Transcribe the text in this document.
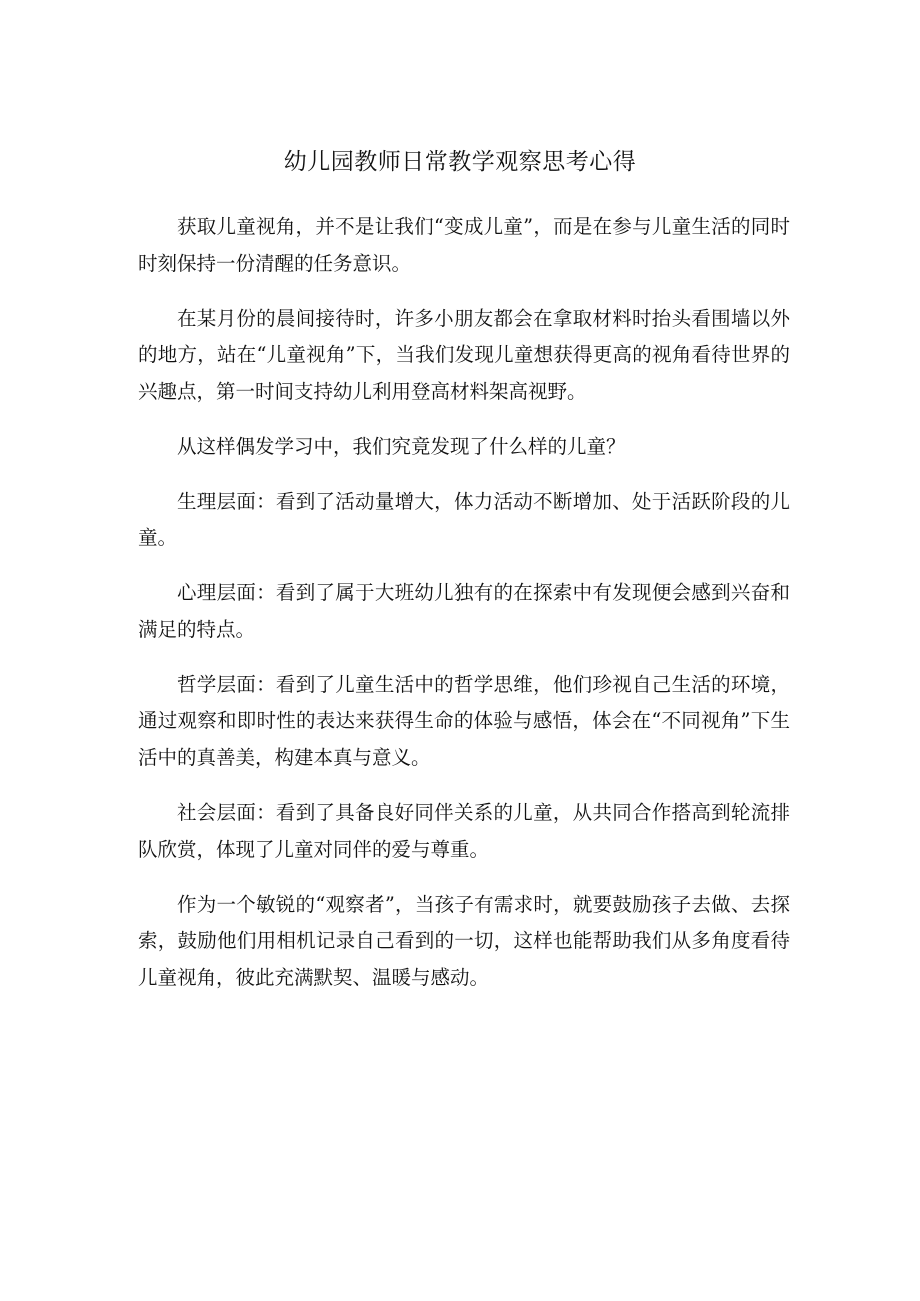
幼儿园教师日常教学观察思考心得

获取儿童视角，并不是让我们“变成儿童”，而是在参与儿童生活的同时时刻保持一份清醒的任务意识。

在某月份的晨间接待时，许多小朋友都会在拿取材料时抬头看围墙以外的地方，站在“儿童视角”下，当我们发现儿童想获得更高的视角看待世界的兴趣点，第一时间支持幼儿利用登高材料架高视野。

从这样偶发学习中，我们究竟发现了什么样的儿童？

生理层面：看到了活动量增大，体力活动不断增加、处于活跃阶段的儿童。

心理层面：看到了属于大班幼儿独有的在探索中有发现便会感到兴奋和满足的特点。

哲学层面：看到了儿童生活中的哲学思维，他们珍视自己生活的环境，通过观察和即时性的表达来获得生命的体验与感悟，体会在“不同视角”下生活中的真善美，构建本真与意义。

社会层面：看到了具备良好同伴关系的儿童，从共同合作搭高到轮流排队欣赏，体现了儿童对同伴的爱与尊重。

作为一个敏锐的“观察者”，当孩子有需求时，就要鼓励孩子去做、去探索，鼓励他们用相机记录自己看到的一切，这样也能帮助我们从多角度看待儿童视角，彼此充满默契、温暖与感动。
